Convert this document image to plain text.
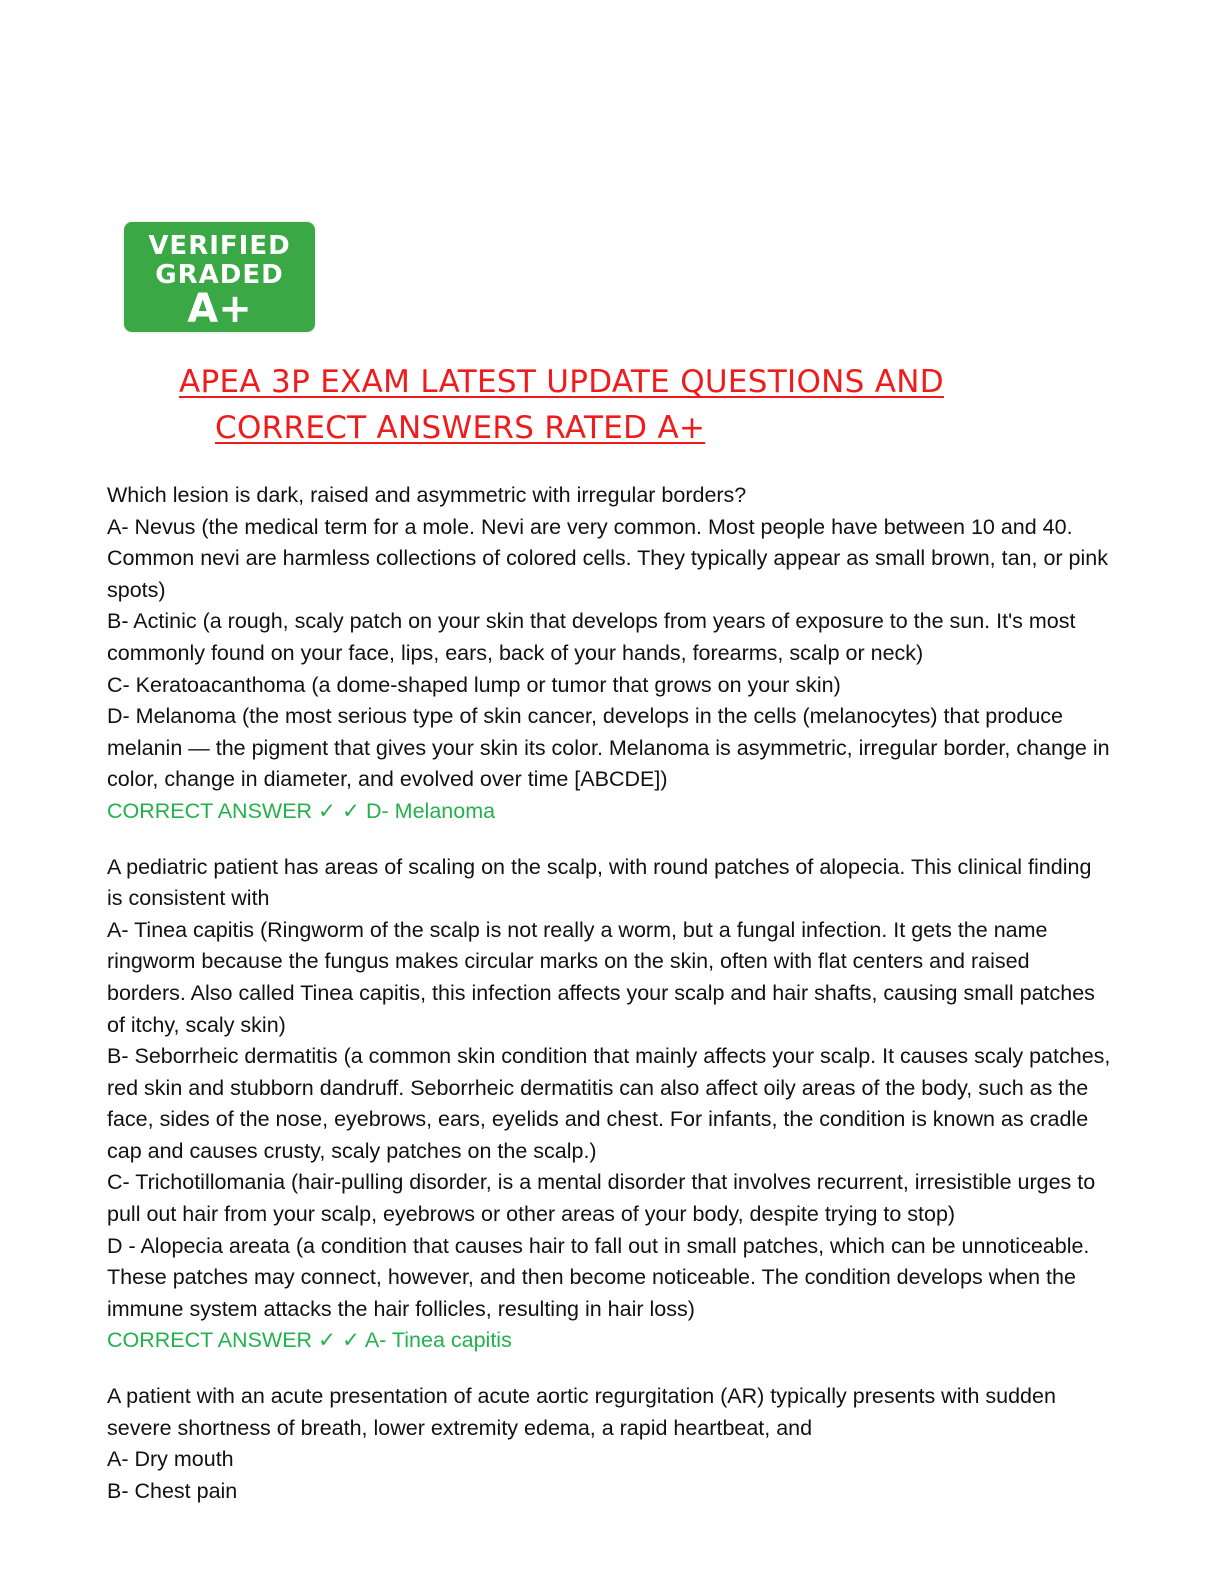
VERIFIED
GRADED
A+
APEA 3P EXAM LATEST UPDATE QUESTIONS AND
CORRECT ANSWERS RATED A+

Which lesion is dark, raised and asymmetric with irregular borders?

A- Nevus (the medical term for a mole. Nevi are very common. Most people have between 10 and 40. Common nevi are harmless collections of colored cells. They typically appear as small brown, tan, or pink spots)

B- Actinic (a rough, scaly patch on your skin that develops from years of exposure to the sun. It's most commonly found on your face, lips, ears, back of your hands, forearms, scalp or neck)

C- Keratoacanthoma (a dome-shaped lump or tumor that grows on your skin)

D- Melanoma (the most serious type of skin cancer, develops in the cells (melanocytes) that produce melanin — the pigment that gives your skin its color. Melanoma is asymmetric, irregular border, change in color, change in diameter, and evolved over time [ABCDE])

CORRECT ANSWER ✓ ✓ D- Melanoma

A pediatric patient has areas of scaling on the scalp, with round patches of alopecia. This clinical finding is consistent with

A- Tinea capitis (Ringworm of the scalp is not really a worm, but a fungal infection. It gets the name ringworm because the fungus makes circular marks on the skin, often with flat centers and raised borders. Also called Tinea capitis, this infection affects your scalp and hair shafts, causing small patches of itchy, scaly skin)

B- Seborrheic dermatitis (a common skin condition that mainly affects your scalp. It causes scaly patches, red skin and stubborn dandruff. Seborrheic dermatitis can also affect oily areas of the body, such as the face, sides of the nose, eyebrows, ears, eyelids and chest. For infants, the condition is known as cradle cap and causes crusty, scaly patches on the scalp.)

C- Trichotillomania (hair-pulling disorder, is a mental disorder that involves recurrent, irresistible urges to pull out hair from your scalp, eyebrows or other areas of your body, despite trying to stop)

D - Alopecia areata (a condition that causes hair to fall out in small patches, which can be unnoticeable. These patches may connect, however, and then become noticeable. The condition develops when the immune system attacks the hair follicles, resulting in hair loss)

CORRECT ANSWER ✓ ✓ A- Tinea capitis

A patient with an acute presentation of acute aortic regurgitation (AR) typically presents with sudden severe shortness of breath, lower extremity edema, a rapid heartbeat, and

A- Dry mouth

B- Chest pain
